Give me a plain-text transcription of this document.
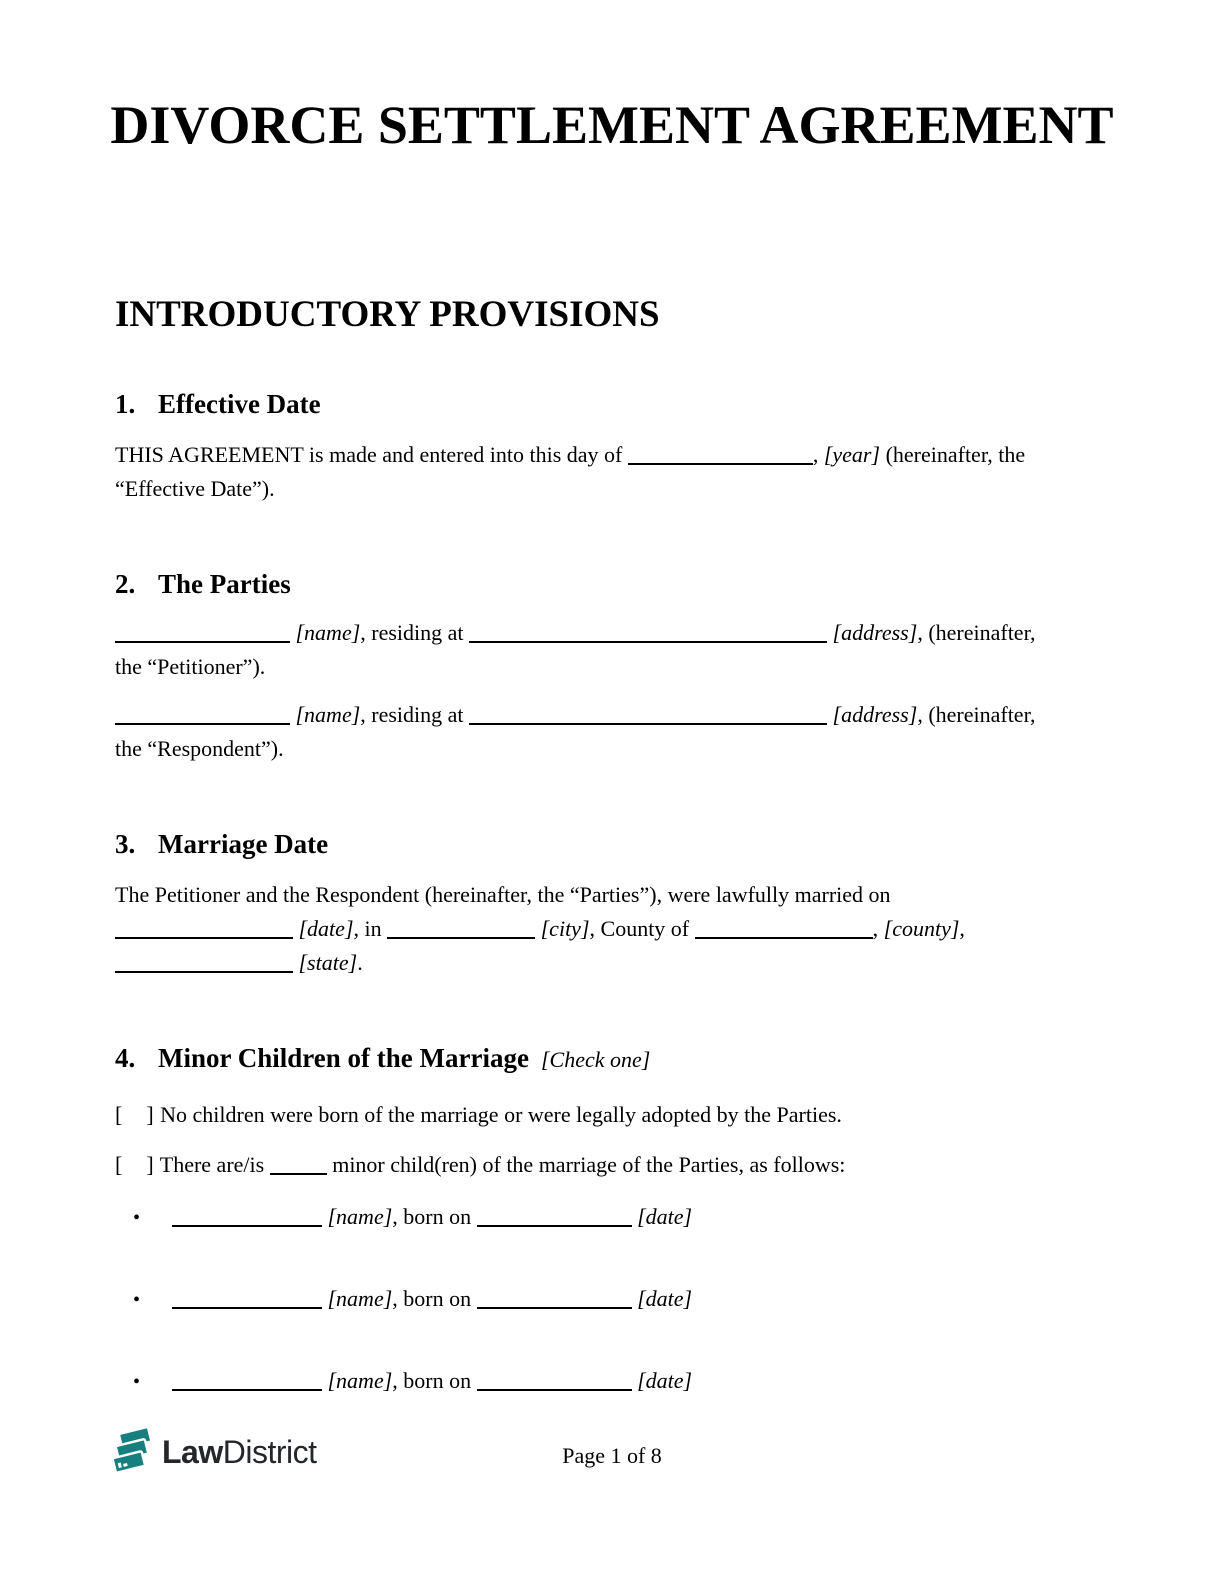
DIVORCE SETTLEMENT AGREEMENT
INTRODUCTORY PROVISIONS
1. Effective Date
THIS AGREEMENT is made and entered into this day of	, [year] (hereinafter, the
“Effective Date”).
2. The Parties
[name], residing at	[address], (hereinafter,
the “Petitioner”).
[name], residing at	[address], (hereinafter,
the “Respondent”).
3. Marriage Date
The Petitioner and the Respondent (hereinafter, the “Parties”), were lawfully married on
[date], in	[city], County of	, [county],
[state].
4. Minor Children of the Marriage [Check one]
[ ] No children were born of the marriage or were legally adopted by the Parties.
[ ] There are/is	minor child(ren) of the marriage of the Parties, as follows:
•	[name], born on	[date]
•	[name], born on	[date]
•	[name], born on	[date]
LawDistrict	Page 1 of 8
